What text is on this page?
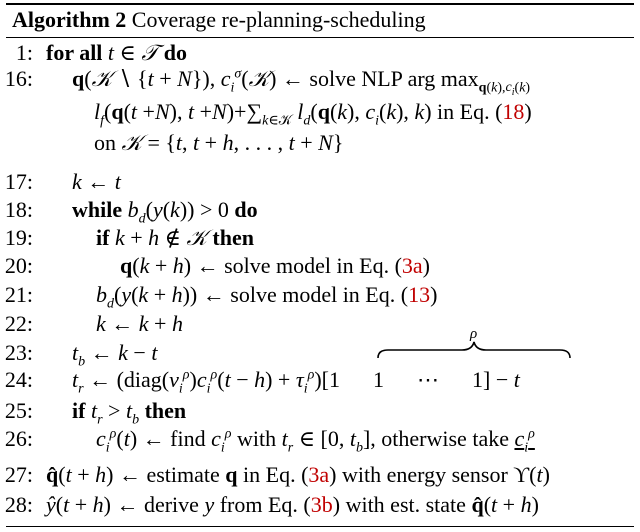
Algorithm 2 Coverage re-planning-scheduling
1: for all t ∈ 𝒯 do
16: q(𝒦 ∖ {t + N}), $c_i^\sigma(𝒦)$ ← solve NLP arg $\max_{q(k),c_i(k)}$
$l_f(q(t +N)$, $t +N)+\sum_{k\in 𝒦}$ $l_d(q(k)$, $c_i(k)$, k) in Eq. (18)
on 𝒦 = {t, t + h, . . . , t + N}
17: k ← t
18: while $b_d(y(k)) > 0$ do
19:	if k + h ∉ 𝒦 then
20:	q(k + h) ← solve model in Eq. (3a)
21:	$b_d(y(k + h))$ ← solve model in Eq. (13)
22:	k ← k + h
23: $t_b$ ← k − t
ρ
24: $t_r$ ← $(diag(\nu_i^\rho)c_i^\rho(t - h) + \tau_i^\rho)[1$      1      ⋯      1] − t
25: if $t_r > t_b$ then
26:	$c_i^\rho(t)$ ← find $c_i^\rho$ with $t_r$ ∈ [0, $t_b$], otherwise take $c_i^\rho$
27: q̂(t + h) ← estimate q in Eq. (3a) with energy sensor ϒ(t)
28: ŷ(t + h) ← derive y from Eq. (3b) with est. state q̂(t + h)
